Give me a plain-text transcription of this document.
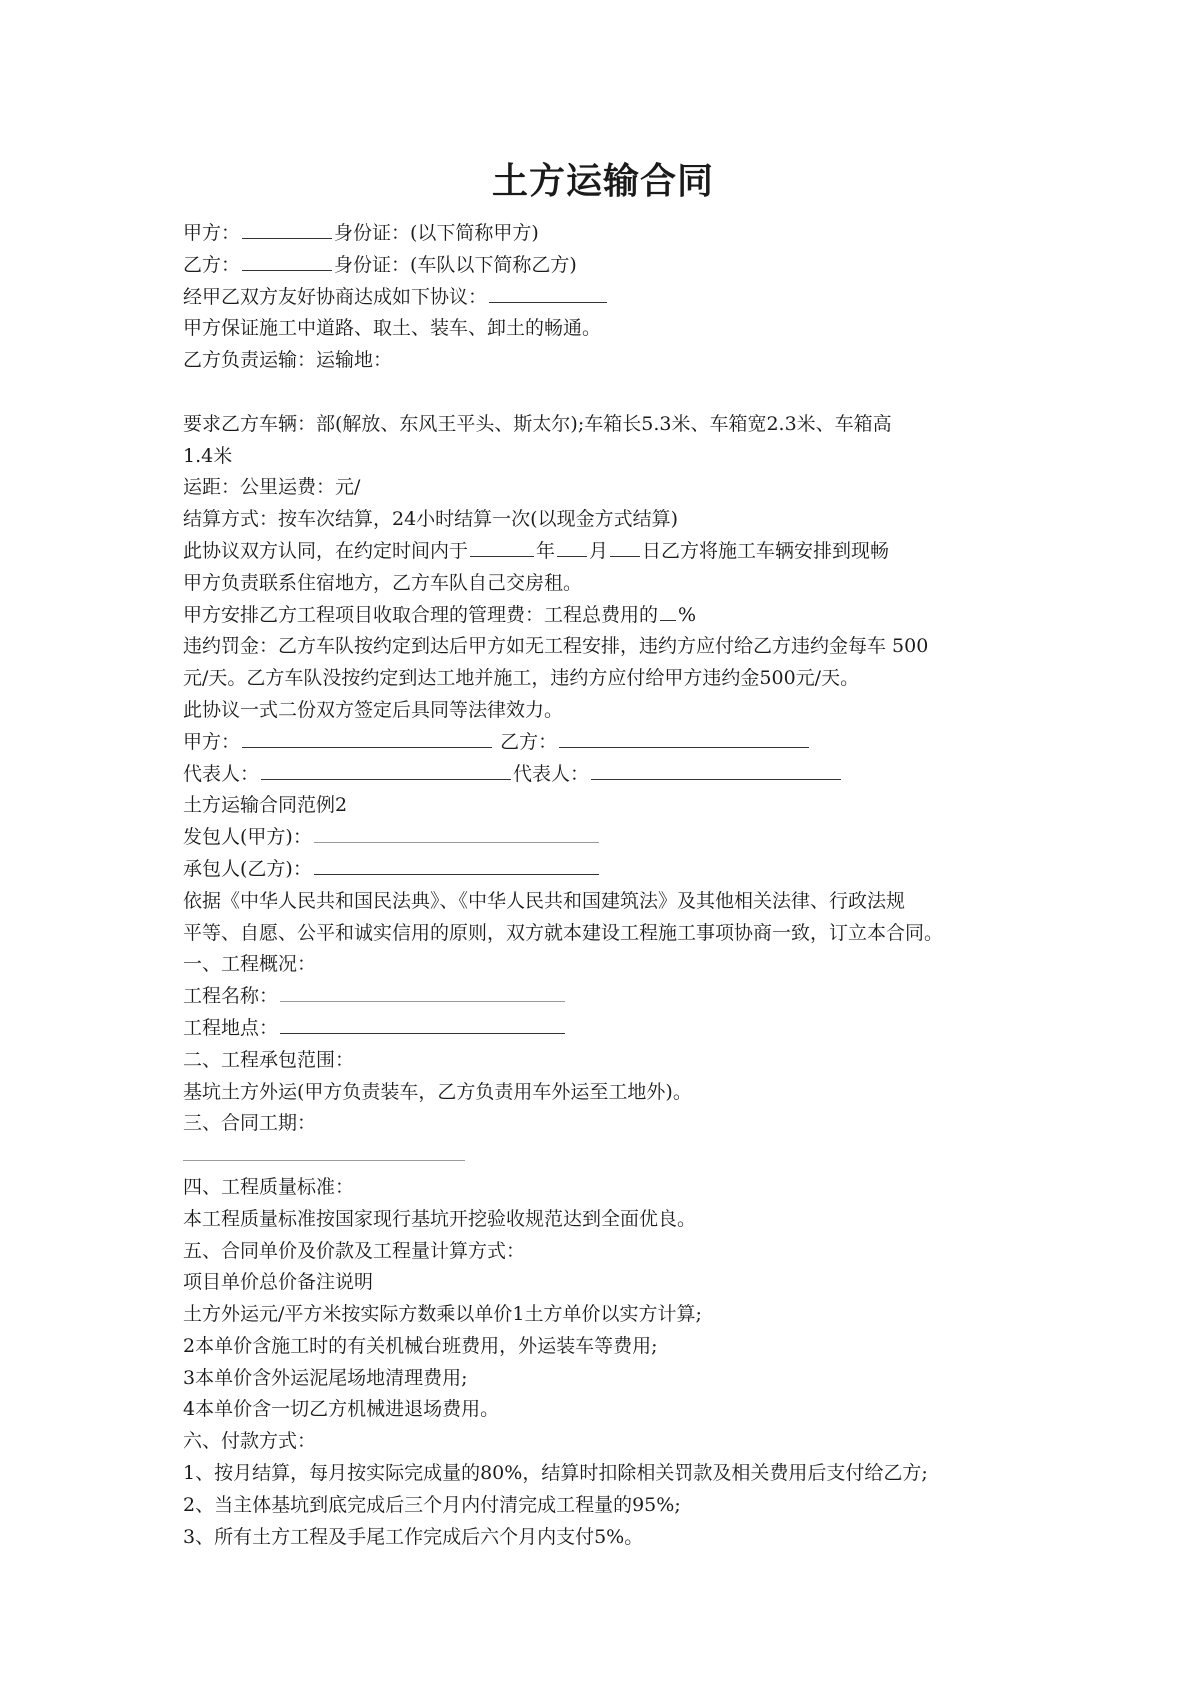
土方运输合同
甲方：	身份证：(以下简称甲方)
乙方：	身份证：(车队以下简称乙方)
经甲乙双方友好协商达成如下协议：
甲方保证施工中道路、取土、装车、卸土的畅通。
乙方负责运输：运输地：
要求乙方车辆：部(解放、东风王平头、斯太尔);车箱长5.3米、车箱宽2.3米、车箱高
1.4米
运距：公里运费：元/
结算方式：按车次结算，24小时结算一次(以现金方式结算)
此协议双方认同，在约定时间内于	年 月 日乙方将施工车辆安排到现畅
甲方负责联系住宿地方，乙方车队自己交房租。
甲方安排乙方工程项目收取合理的管理费：工程总费用的 %
违约罚金：乙方车队按约定到达后甲方如无工程安排，违约方应付给乙方违约金每车 500
元/天。乙方车队没按约定到达工地并施工，违约方应付给甲方违约金500元/天。
此协议一式二份双方签定后具同等法律效力。
甲方：	乙方：
代表人：	代表人：
土方运输合同范例2
发包人(甲方)：
承包人(乙方)：
依据《中华人民共和国民法典》、《中华人民共和国建筑法》及其他相关法律、行政法规
平等、自愿、公平和诚实信用的原则，双方就本建设工程施工事项协商一致，订立本合同。
一、工程概况：
工程名称：
工程地点：
二、工程承包范围：
基坑土方外运(甲方负责装车，乙方负责用车外运至工地外)。
三、合同工期：
四、工程质量标准：
本工程质量标准按国家现行基坑开挖验收规范达到全面优良。
五、合同单价及价款及工程量计算方式：
项目单价总价备注说明
土方外运元/平方米按实际方数乘以单价1土方单价以实方计算;
2本单价含施工时的有关机械台班费用，外运装车等费用;
3本单价含外运泥尾场地清理费用;
4本单价含一切乙方机械进退场费用。
六、付款方式：
1、按月结算，每月按实际完成量的80%，结算时扣除相关罚款及相关费用后支付给乙方;
2、当主体基坑到底完成后三个月内付清完成工程量的95%;
3、所有土方工程及手尾工作完成后六个月内支付5%。
